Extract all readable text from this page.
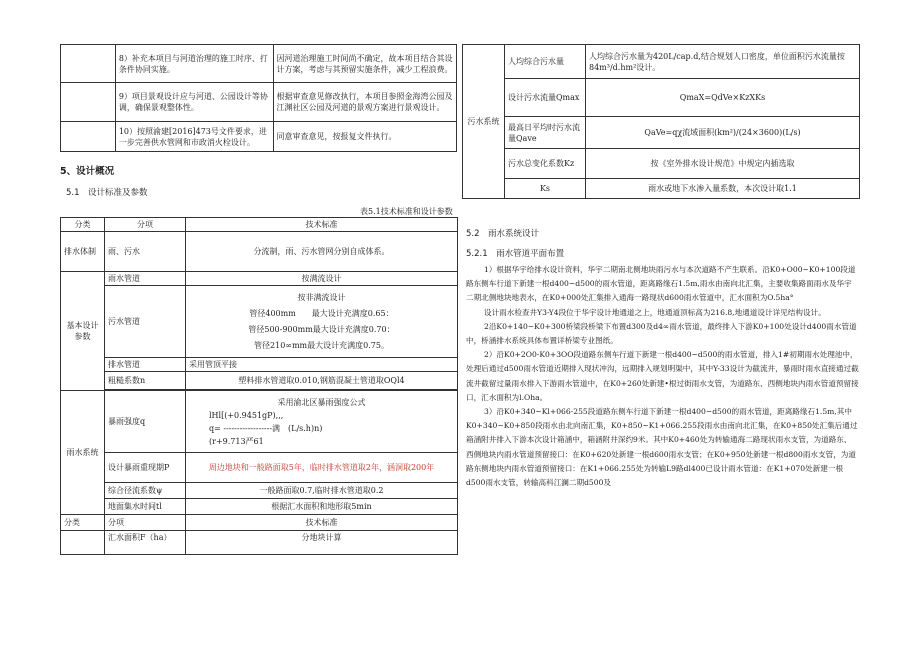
	8）补充本项目与河道治理的施工时序、打条件协同实施。	因河道治理施工时间尚不确定，故本项目结合其设计方案，考虑与其预留实施条件，减少工程浪费。
	9）项目景观设计应与河道、公园设计等协调，确保景观整体性。	根据审查意见修改执行，本项目参照金海湾公园及江渊社区公园及河道的景观方案进行景观设计。
	10）按照渝建[2016]473号文件要求，进一步完善供水管网和市政消火栓设计。	同意审查意见，按报复文件执行。
5、设计概况
5.1　设计标准及参数
表5.1技术标准和设计参数
分类	分项	技术标准
排水体制	雨、污水	分流制，雨、污水管网分别自成体系。
基本设计参数	雨水管道	按满流设计
	污水管道	按非满流设计
管径400mm　　最大设计充满度0.65：
管径500-900mm最大设计充满度0.70：
管径210∞mm最大设计充满度0.75。

	排水管道	采用管顶平接
	粗糙系数n	塑料排水管道取0.010,钢筋混凝土管道取OQl4

雨水系统	暴雨强度q	采用渝北区暴雨强度公式
lHl[(+0.9451gP),,,
q= ------------------满　(L/s.h)n)
(r+9.713严61

	设计暴雨重现期P	周边地块和一般路面取5年，临时排水管道取2年，涵洞取200年
	综合径流系数ψ	一般路面取0.7,临时排水管道取0.2
	地面集水时间tl	根据汇水面积和地形取5min
分类	分项	技术标准
	汇水面积F（ha）	分地块计算
污水系统	人均综合污水量	人均综合污水量为420L/cap.d,结合规划人口密度，单位面积污水流量按84m³/d.hm²设计。
	设计污水流量Qmax	QmaX=QdVe×KzXKs
	最高日平均时污水流量Qave	QaVe=qχ流域面积(km²)/(24×3600)(L/s)
	污水总变化系数Kz	按《室外排水设计规范》中规定内插选取
	Ks	雨水或地下水渗入量系数，本次设计取1.1
5.2　雨水系统设计
5.2.1　雨水管道平面布置

1）根据华宇给排水设计资料，华宇二期南北侧地块雨污水与本次道路不产生联系。沿K0+O00~K0+100段道路东侧车行道下新建一根d400~d500的雨水管道，距离路缘石1.5m,雨水由南向北汇集，主要收集路面雨水及华宇二期北侧地块地表水，在K0+000处汇集排入通海一路现状d600雨水管道中，汇水面积为O.5ha°

设计雨水检查井Y3-Y4段位于华宇设计地通道之上，地通道顶标高为216.8,地通道设计详见结构设计。

2沿K0+140~K0+300桥梁段桥梁下布置d300及d4∞雨水管道，最终排入下游K0+100处设计d400雨水管道中，桥涵排水系统具体布置详桥梁专业图纸。

2）沿K0+2O0-K0+3OO段道路东侧车行道下新建一根d400~d500的雨水管道，排入1#初期雨水处理池中，处理后通过d500雨水管道近期排入现状冲沟，远期排入规划明渠中，其中Y-33设计为截流井，暴雨时雨水直接通过截流井截留过量雨水排入下游雨水管道中，在K0+260处新建•根过街雨水支管，为道路东、西侧地块内雨水管道预留接口，汇水面积为l.Oha。

3）沿K0+340~Kl+066-255段道路东侧车行道下新建一根d400~d500的雨水管道，距离路缘石1.5m,其中K0+340~K0+850段雨水由北向南汇集，K0+850~K1+066.255段雨水由南向北汇集，在K0+850处汇集后通过箱涵附井排入下游本次设计箱涵中，箱涵附井深约9米。其中K0+460处为转输通海二路现状雨水支管，为道路东、西侧地块内雨水管道预留接口：在K0+620处新建一根d600雨水支管；在K0+950处新建一根d800雨水支管，为道路东侧地块内雨水管道预留接口：在K1+066.255处为转输L9路dl400已设计雨水管道：在K1+070处新建一根d500雨水支管，转输高科江澜二期d500及
